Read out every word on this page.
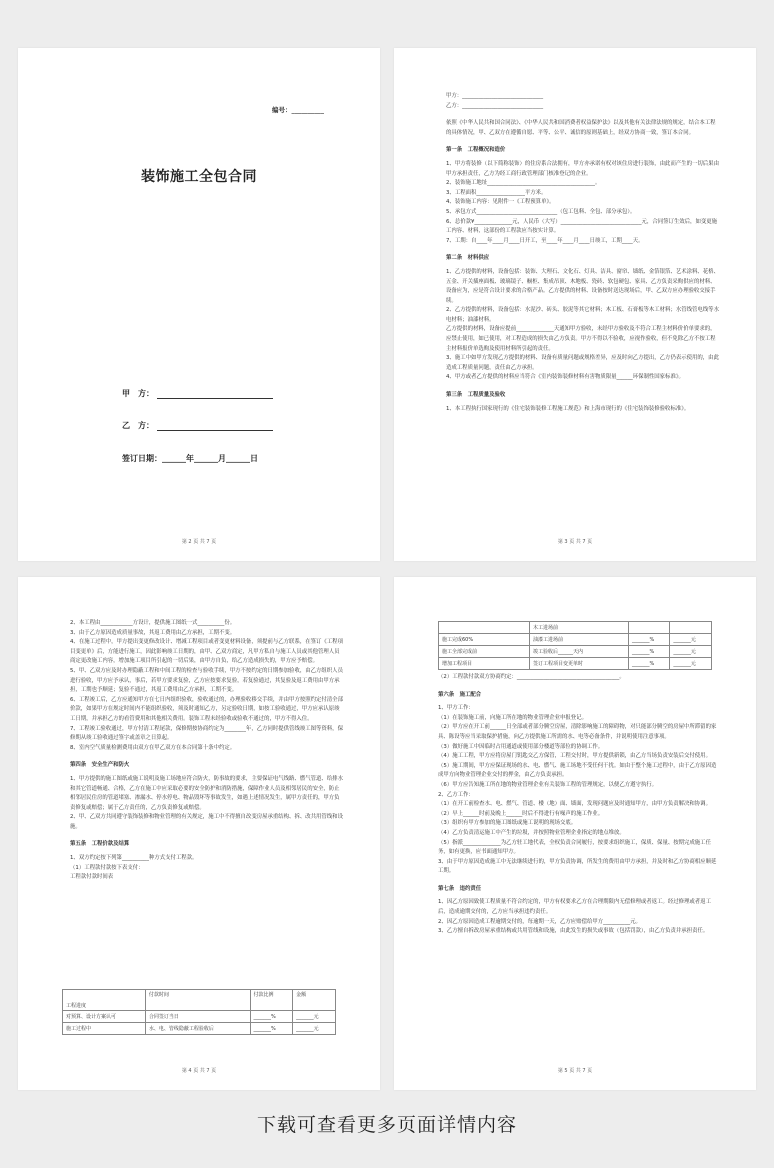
编号：__________
装饰施工全包合同
甲　方：
乙　方：
签订日期：______年______月______日
第 2 页 共 7 页

甲方：______________________________

乙方：______________________________

依照《中华人民共和国合同法》、《中华人民共和国消费者权益保护法》以及其他有关法律法规的规定，结合本工程的具体情况，甲、乙双方在遵循自愿、平等、公平、诚信的原则基础上，经双方协商一致，签订本合同。

第一条　工程概况和造价

1、甲方将装修（以下简称装饰）的住房系合法拥有，甲方亦承诺有权对该住房进行装饰，由此而产生的一切后果由甲方承担责任，乙方为经工商行政管理部门核准登记的企业。

2、装饰施工地址________________________________________。

3、工程面积__________________平方米。

4、装饰施工内容：见附件一《工程预算单》。

5、承包方式______________________________（包工包料、全包、部分承包）。

6、总价款¥______________元，人民币（大写）______________________________元，合同签订生效后，如变更施工内容、材料，这部份的工程款应当按实计算。

7、工期：自____年____月____日开工，至____年____月____日竣工，工期____天。

第二条　材料供应

1、乙方提供的材料，设备包括：装饰、大理石、文化石、灯具、洁具、窗帘、墙纸、金箔银箔、艺术涂料、花格、五金、开关插座面板、玻璃镜子、橱柜、集成吊顶、木地板、瓷砖、软包硬包、家具、乙方负责采购供应的材料、设备应为，应是符合设计要求的合格产品。乙方提供的材料、设备按时送达现场后，甲、乙双方应办理验收交接手续。

2、乙方提供的材料，设备包括：水泥沙、砖头、胶泥等其它材料；木工板、石膏板等木工材料；水管线管电线等水电材料；油漆材料。

乙方提供的材料，设备应提前______________天通知甲方验收，未经甲方验收及不符合工程主材料价价单要求的，应禁止使用，如已使用，对工程造成的损失由乙方负责。甲方不得以不验收，应视作验收，但不免除乙方不按工程主材料报价单选购及使用材料所引起的责任。

3、施工中如甲方发现乙方提供的材料、设备有质量问题或规格差异，应及时向乙方提出，乙方仍表示使用的，由此造成工程质量问题，责任由乙方承担。

4、甲方或者乙方提供的材料应当符合《室内装饰装修材料有害物质限量______环保制性国家标准》。

第三条　工程质量及验收

1、本工程执行国家现行的《住宅装饰装修工程施工规范》和上海市现行的《住宅装饰装修验收标准》。

第 3 页 共 7 页

2、本工程由____________方设计，提供施工图纸一式__________份。

3、由于乙方原因造成质量事故，其返工费用由乙方承担，工期不变。

4、在施工过程中，甲方提出变更修改设计、增减工程项目或者变更材料设备，须提前与乙方联系，在签订《工程项目变更单》后，方能进行施工，因此影响竣工日期的，由甲、乙双方商定，凡甲方私自与施工人员或其他管理人员商定更改施工内容，增加施工项目所引起的一切后果，由甲方自负，给乙方造成损失的，甲方应予赔偿。

5、甲、乙双方应及时办理隐蔽工程和中间工程的检查与验收手续，甲方不按约定的日期参加验收，由乙方组织人员进行验收，甲方应予承认，事后，若甲方要求复验，乙方应按要求复验，若复验通过，其复验及返工费用由甲方承担，工期也予顺延；复验不通过，其返工费用由乙方承担，工期不变。

6、工程竣工后，乙方应通知甲方在七日内组织验收，验收通过的，办理验收移交手续，并由甲方按照约定付清全部价款，如果甲方在规定时间内不能组织验收，须及时通知乙方，另定验收日期，如按工验收通过，甲方应承认原竣工日期，并承担乙方的看管费用和其他相关费用。装饰工程未经验收或验收不通过的，甲方不得入住。

7、工程竣工验收通过，甲方付清工程尾款，保修期按协商约定为________年，乙方同时提供管线竣工图等资料，保修期从竣工验收通过签字或盖章之日算起。

8、室内空气质量检测费用由双方在甲乙双方在本合同第十条中约定。

第四条　安全生产和防火

1、甲方提供的施工图纸或施工说明及施工场地应符合防火，防事故的要求，主要保证电气线路、燃气管道、给排水和其它管道畅通、合格，乙方在施工中应采取必要的安全防护和消防措施，保障作业人员及相邻居民的安全，防止相邻居民住房的管道堵塞、渗漏水、停水停电、物品毁坏等事故发生，如遇上述情况发生，属甲方责任的，甲方负责修复或赔偿；属于乙方责任的，乙方负责修复或赔偿。

2、甲、乙双方共同遵守装饰装修和物业管理的有关规定，施工中不得擅自改变房屋承重结构、拆、改共用管线和设施。

第五条　工程价款及结算

1、双方约定按下列第__________种方式支付工程款。

（1）工程款付款按下表支付：

工程款付款时间表

工程进度	付款时间	付款比例	金额
对预算、设计方案认可	合同签订当日	_______%	_______元
施工过程中	水、电、管线隐蔽工程验收后	_______%	_______元
第 4 页 共 7 页
	木工进场前		
施工完成60%	油漆工进场前	_______%	_______元
施工全部完成前	竣工验收后______天内	_______%	_______元
增加工程项目	签订工程项目变更单时	_______%	_______元

（2）工程款付款双方协商约定：______________________________________。

第六条　施工配合

1、甲方工作：

（1）在装饰施工前，向施工所在地的物业管理企业申报登记。

（2）甲方应在开工前______日全部或者部分腾空房屋，清除影响施工的障碍物，对只能部分腾空的房屋中所滞留的家具、陈设等应当采取保护措施，向乙方提供施工所需的水、电等必备条件，并说明使用注意事项。

（3）做好施工中因临时占用通道或使用部分楼道等部位的协调工作。

（4）施工工程，甲方应将房屋门钥匙交乙方保管，工程交付时，甲方提供新锁，由乙方当场负责安装后交付使用。

（5）施工期间，甲方应保证现场的水、电、燃气、施工场地不受任何干扰。如由于整个施工过程中，由于乙方原因造成甲方向物业管理企业交付的押金，由乙方负责承担。

（6）甲方应告知施工所在地的物业管理企业有关装饰工程的管理规定，以便乙方遵守执行。

2、乙方工作：

（1）在开工前检查水、电、燃气、管道、楼（地）面、墙面，发现问题应及时通知甲方，由甲方负责解决和协调。

（2）早上______时前及晚上______时后不得进行有噪声的施工作业。

（3）组织有甲方参加的施工图纸或施工说明的现场交底。

（4）乙方负责清运施工中产生的垃圾，并按照物业管理企业指定的地点堆放。

（5）指派______________为乙方驻工地代表，全权负责合同履行，按要求组织施工，保质、保量、按期完成施工任务，如有更换，应书面通知甲方。

3、由于甲方原因造成施工中无法继续进行的，甲方负责协调，所发生的费用由甲方承担，并及时和乙方协商相应顺延工期。

第七条　违约责任

1、因乙方原因致使工程质量不符合约定的，甲方有权要求乙方在合理期限内无偿修理或者返工。经过修理或者返工后，造成逾期交付的，乙方应当承担违约责任。

2、因乙方原因造成工程逾期交付的，每逾期一天，乙方应赔偿给甲方__________元。

3、乙方擅自拆改房屋承重结构或共用管线和设施，由此发生的损失或事故（包括罚款），由乙方负责并承担责任。

第 5 页 共 7 页
下载可查看更多页面详情内容
